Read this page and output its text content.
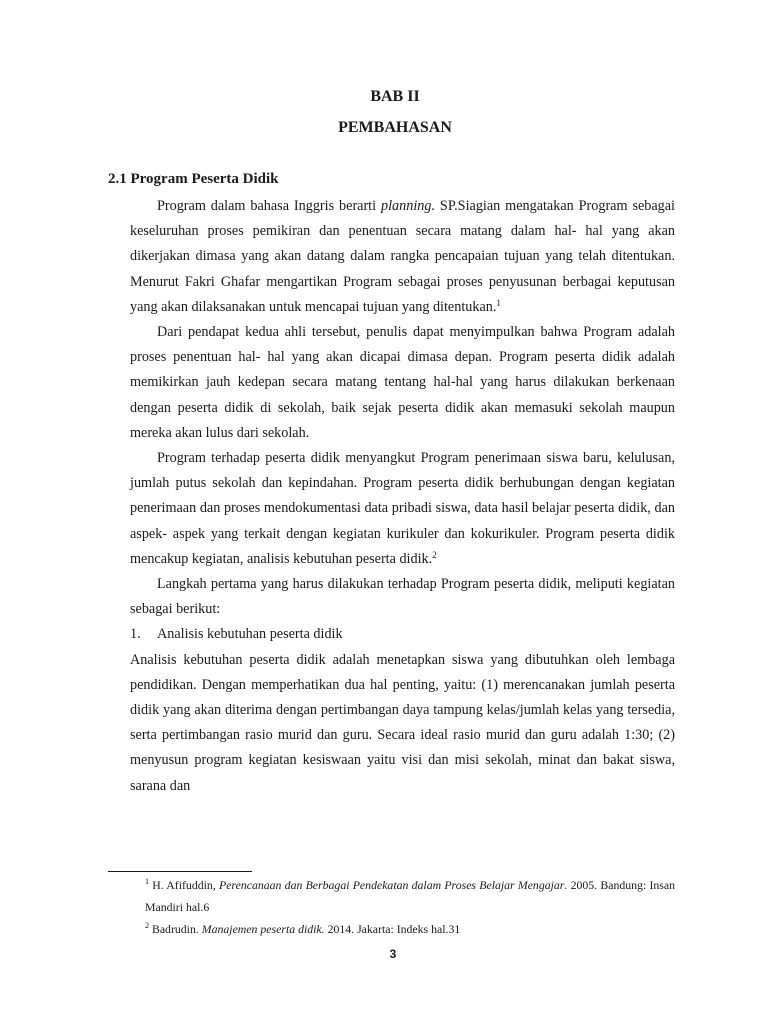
BAB II
PEMBAHASAN
2.1 Program Peserta Didik

Program dalam bahasa Inggris berarti planning. SP.Siagian mengatakan Program sebagai keseluruhan proses pemikiran dan penentuan secara matang dalam hal- hal yang akan dikerjakan dimasa yang akan datang dalam rangka pencapaian tujuan yang telah ditentukan. Menurut Fakri Ghafar mengartikan Program sebagai proses penyusunan berbagai keputusan yang akan dilaksanakan untuk mencapai tujuan yang ditentukan.$^1$

Dari pendapat kedua ahli tersebut, penulis dapat menyimpulkan bahwa Program adalah proses penentuan hal- hal yang akan dicapai dimasa depan. Program peserta didik adalah memikirkan jauh kedepan secara matang tentang hal-hal yang harus dilakukan berkenaan dengan peserta didik di sekolah, baik sejak peserta didik akan memasuki sekolah maupun mereka akan lulus dari sekolah.

Program terhadap peserta didik menyangkut Program penerimaan siswa baru, kelulusan, jumlah putus sekolah dan kepindahan. Program peserta didik berhubungan dengan kegiatan penerimaan dan proses mendokumentasi data pribadi siswa, data hasil belajar peserta didik, dan aspek- aspek yang terkait dengan kegiatan kurikuler dan kokurikuler. Program peserta didik mencakup kegiatan, analisis kebutuhan peserta didik.$^2$

Langkah pertama yang harus dilakukan terhadap Program peserta didik, meliputi kegiatan sebagai berikut:

1. Analisis kebutuhan peserta didik

Analisis kebutuhan peserta didik adalah menetapkan siswa yang dibutuhkan oleh lembaga pendidikan. Dengan memperhatikan dua hal penting, yaitu: (1) merencanakan jumlah peserta didik yang akan diterima dengan pertimbangan daya tampung kelas/jumlah kelas yang tersedia, serta pertimbangan rasio murid dan guru. Secara ideal rasio murid dan guru adalah 1:30; (2) menyusun program kegiatan kesiswaan yaitu visi dan misi sekolah, minat dan bakat siswa, sarana dan

$^1$ H. Afifuddin, Perencanaan dan Berbagai Pendekatan dalam Proses Belajar Mengajar. 2005. Bandung: Insan Mandiri hal.6

$^2$ Badrudin. Manajemen peserta didik. 2014. Jakarta: Indeks hal.31

3
